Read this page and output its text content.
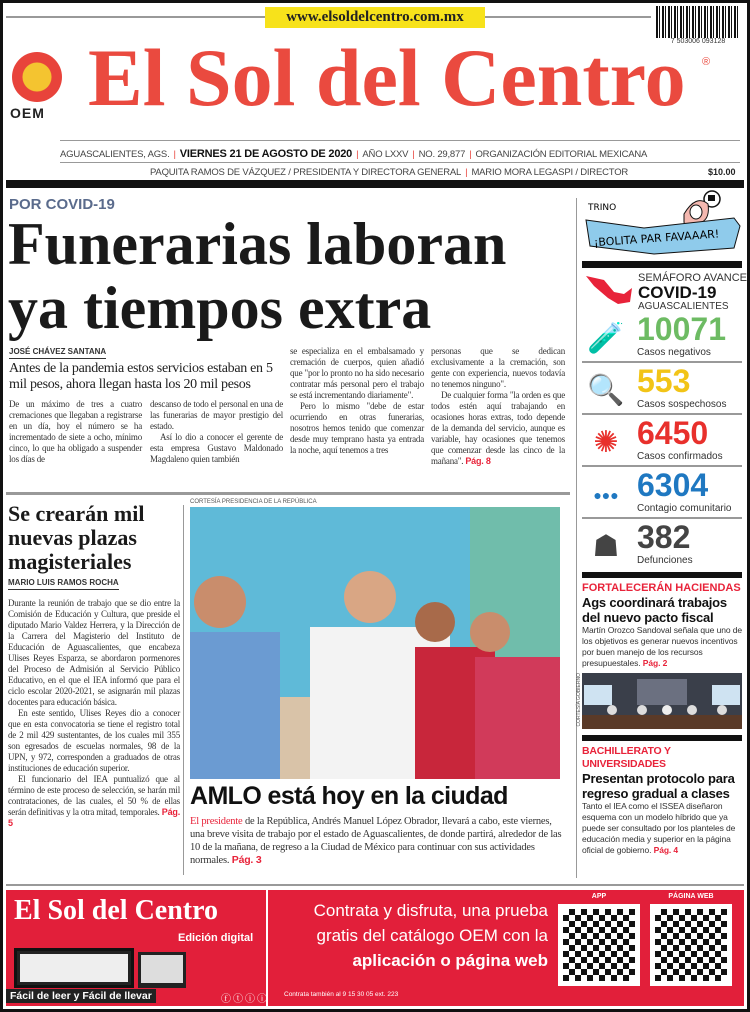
www.elsoldelcentro.com.mx
7 503006 093128
OEM El Sol del Centro ®
AGUASCALIENTES, AGS. | VIERNES 21 DE AGOSTO DE 2020 | AÑO LXXV | NO. 29,877 | ORGANIZACIÓN EDITORIAL MEXICANA
PAQUITA RAMOS DE VÁZQUEZ / PRESIDENTA Y DIRECTORA GENERAL | MARIO MORA LEGASPI / DIRECTOR	$10.00
¡BOLITA PAR FAVAAAR!
TRINO
POR COVID-19
Funerarias laboran
ya tiempos extra
JOSÉ CHÁVEZ SANTANA
Antes de la pandemia estos servicios estaban en 5 mil pesos, ahora llegan hasta los 20 mil pesos

De un máximo de tres a cuatro cremaciones que llegaban a registrarse en un día, hoy el número se ha incrementado de siete a ocho, mínimo cinco, lo que ha obligado a suspender los días de

descanso de todo el personal en una de las funerarias de mayor prestigio del estado.

Así lo dio a conocer el gerente de esta empresa Gustavo Maldonado Magdaleno quien también

se especializa en el embalsamado y cremación de cuerpos, quien añadió que "por lo pronto no ha sido necesario contratar más personal pero el trabajo se está incrementando diariamente".

Pero lo mismo "debe de estar ocurriendo en otras funerarias, nosotros hemos tenido que comenzar desde muy temprano hasta ya entrada la noche, aquí tenemos a tres

personas que se dedican exclusivamente a la cremación, son gente con experiencia, nuevos todavía no tenemos ninguno".

De cualquier forma "la orden es que todos estén aquí trabajando en ocasiones horas extras, todo depende de la demanda del servicio, aunque es variable, hay ocasiones que tenemos que comenzar desde las cinco de la mañana". Pág. 8

Se crearán mil nuevas plazas magisteriales
MARIO LUIS RAMOS ROCHA

Durante la reunión de trabajo que se dio entre la Comisión de Educación y Cultura, que preside el diputado Mario Valdez Herrera, y la Dirección de la Carrera del Magisterio del Instituto de Educación de Aguascalientes, que encabeza Ulises Reyes Esparza, se abordaron pormenores del Proceso de Admisión al Servicio Público Educativo, en el que el IEA informó que para el ciclo escolar 2020-2021, se asignarán mil plazas docentes para educación básica.

En este sentido, Ulises Reyes dio a conocer que en esta convocatoria se tiene el registro total de 2 mil 429 sustentantes, de los cuales mil 355 son egresados de escuelas normales, 98 de la UPN, y 972, corresponden a graduados de otras instituciones de educación superior.

El funcionario del IEA puntualizó que al término de este proceso de selección, se harán mil contrataciones, de las cuales, el 50 % de ellas serán definitivas y la otra mitad, temporales. Pág. 5

CORTESÍA PRESIDENCIA DE LA REPÚBLICA
AMLO está hoy en la ciudad
El presidente de la República, Andrés Manuel López Obrador, llevará a cabo, este viernes, una breve visita de trabajo por el estado de Aguascalientes, de donde partirá, alrededor de las 10 de la mañana, de regreso a la Ciudad de México para continuar con sus actividades normales. Pág. 3
SEMÁFORO AVANCE
COVID-19
AGUASCALIENTES
🧪 10071
Casos negativos
🔍 553
Casos sospechosos
✺ 6450
Casos confirmados
●●● 6304
Contagio comunitario
☗ 382
Defunciones
FORTALECERÁN HACIENDAS
Ags coordinará trabajos del nuevo pacto fiscal
Martín Orozco Sandoval señala que uno de los objetivos es generar nuevos incentivos por buen manejo de los recursos presupuestales. Pág. 2
CORTESÍA GOBIERNO
BACHILLERATO Y UNIVERSIDADES
Presentan protocolo para regreso gradual a clases
Tanto el IEA como el ISSEA diseñaron esquema con un modelo híbrido que ya puede ser consultado por los planteles de educación media y superior en la página oficial de gobierno. Pág. 4
El Sol del Centro
Edición digital
Fácil de leer y Fácil de llevar	ⓕⓣⓘⓘ
Contrata y disfruta, una prueba
gratis del catálogo OEM con la
aplicación o página web
Contrata también al 9 15 30 05 ext. 223
APP	PÁGINA WEB
